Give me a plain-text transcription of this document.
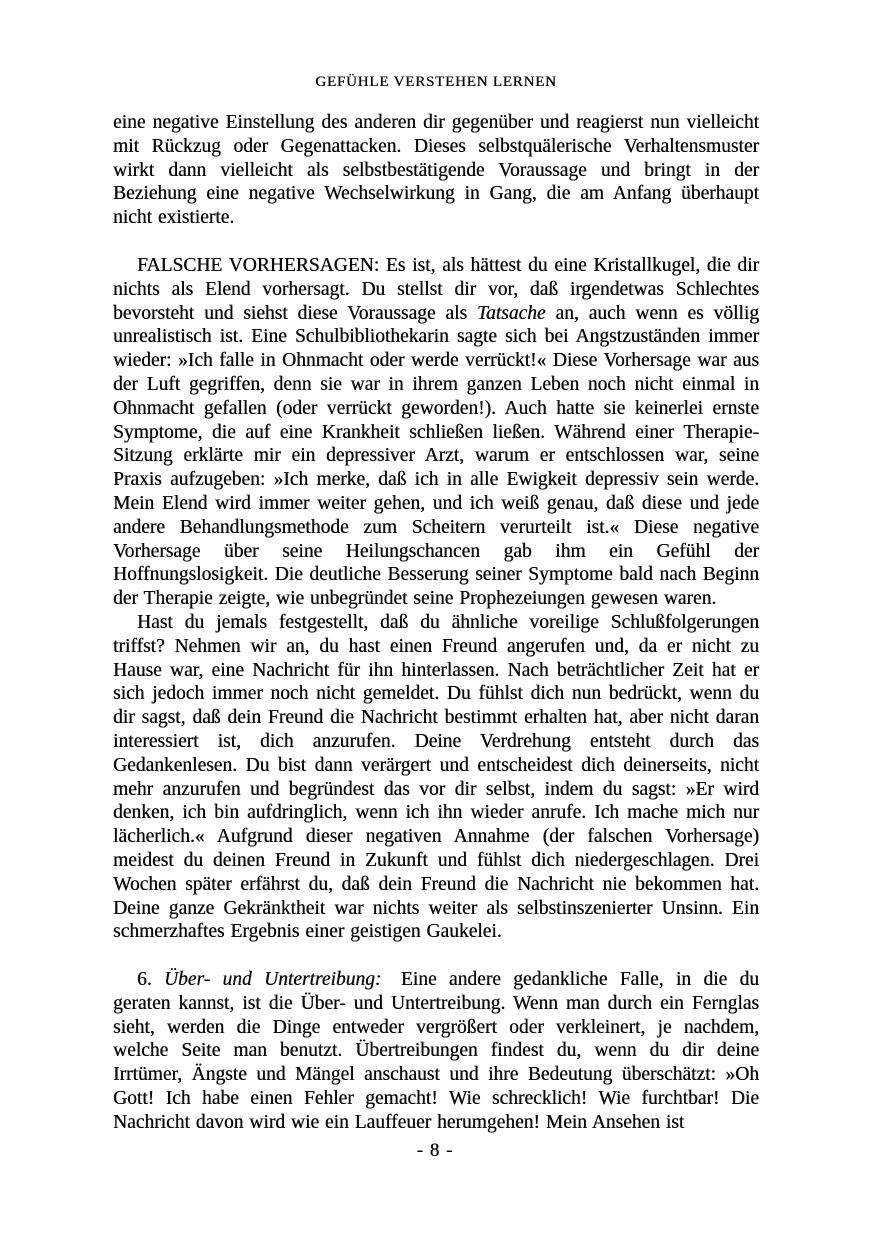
GEFÜHLE VERSTEHEN LERNEN

eine negative Einstellung des anderen dir gegenüber und reagierst nun vielleicht mit Rückzug oder Gegenattacken. Dieses selbstquälerische Verhaltensmuster wirkt dann vielleicht als selbstbestätigende Voraussage und bringt in der Beziehung eine negative Wechselwirkung in Gang, die am Anfang überhaupt nicht existierte.

FALSCHE VORHERSAGEN: Es ist, als hättest du eine Kristallkugel, die dir nichts als Elend vorhersagt. Du stellst dir vor, daß irgendetwas Schlechtes bevorsteht und siehst diese Voraussage als Tatsache an, auch wenn es völlig unrealistisch ist. Eine Schulbibliothekarin sagte sich bei Angstzuständen immer wieder: »Ich falle in Ohnmacht oder werde verrückt!« Diese Vorhersage war aus der Luft gegriffen, denn sie war in ihrem ganzen Leben noch nicht einmal in Ohnmacht gefallen (oder verrückt geworden!). Auch hatte sie keinerlei ernste Symptome, die auf eine Krankheit schließen ließen. Während einer Therapie-Sitzung erklärte mir ein depressiver Arzt, warum er entschlossen war, seine Praxis aufzugeben: »Ich merke, daß ich in alle Ewigkeit depressiv sein werde. Mein Elend wird immer weiter gehen, und ich weiß genau, daß diese und jede andere Behandlungsmethode zum Scheitern verurteilt ist.« Diese negative Vorhersage über seine Heilungschancen gab ihm ein Gefühl der Hoffnungslosigkeit. Die deutliche Besserung seiner Symptome bald nach Beginn der Therapie zeigte, wie unbegründet seine Prophezeiungen gewesen waren.

Hast du jemals festgestellt, daß du ähnliche voreilige Schlußfolgerungen triffst? Nehmen wir an, du hast einen Freund angerufen und, da er nicht zu Hause war, eine Nachricht für ihn hinterlassen. Nach beträchtlicher Zeit hat er sich jedoch immer noch nicht gemeldet. Du fühlst dich nun bedrückt, wenn du dir sagst, daß dein Freund die Nachricht bestimmt erhalten hat, aber nicht daran interessiert ist, dich anzurufen. Deine Verdrehung entsteht durch das Gedankenlesen. Du bist dann verärgert und entscheidest dich deinerseits, nicht mehr anzurufen und begründest das vor dir selbst, indem du sagst: »Er wird denken, ich bin aufdringlich, wenn ich ihn wieder anrufe. Ich mache mich nur lächerlich.« Aufgrund dieser negativen Annahme (der falschen Vorhersage) meidest du deinen Freund in Zukunft und fühlst dich niedergeschlagen. Drei Wochen später erfährst du, daß dein Freund die Nachricht nie bekommen hat. Deine ganze Gekränktheit war nichts weiter als selbstinszenierter Unsinn. Ein schmerzhaftes Ergebnis einer geistigen Gaukelei.

6. Über- und Untertreibung: Eine andere gedankliche Falle, in die du geraten kannst, ist die Über- und Untertreibung. Wenn man durch ein Fernglas sieht, werden die Dinge entweder vergrößert oder verkleinert, je nachdem, welche Seite man benutzt. Übertreibungen findest du, wenn du dir deine Irrtümer, Ängste und Mängel anschaust und ihre Bedeutung überschätzt: »Oh Gott! Ich habe einen Fehler gemacht! Wie schrecklich! Wie furchtbar! Die Nachricht davon wird wie ein Lauffeuer herumgehen! Mein Ansehen ist

- 8 -
